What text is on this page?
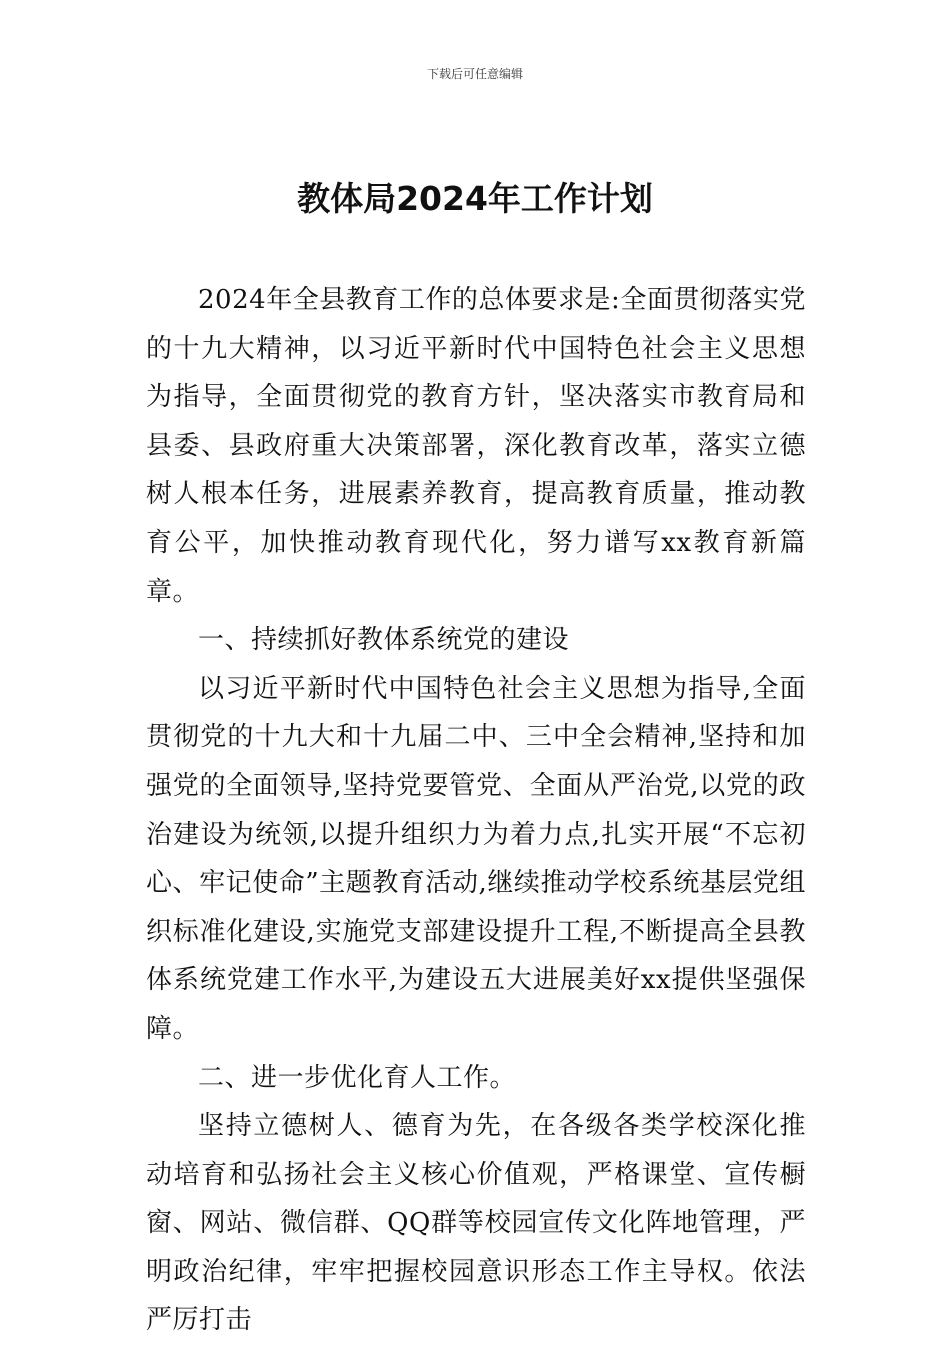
下载后可任意编辑
教体局2024年工作计划

2024年全县教育工作的总体要求是:全面贯彻落实党的十九大精神，以习近平新时代中国特色社会主义思想为指导，全面贯彻党的教育方针，坚决落实市教育局和县委、县政府重大决策部署，深化教育改革，落实立德树人根本任务，进展素养教育，提高教育质量，推动教育公平，加快推动教育现代化，努力谱写xx教育新篇章。

一、持续抓好教体系统党的建设

以习近平新时代中国特色社会主义思想为指导,全面贯彻党的十九大和十九届二中、三中全会精神,坚持和加强党的全面领导,坚持党要管党、全面从严治党,以党的政治建设为统领,以提升组织力为着力点,扎实开展“不忘初心、牢记使命”主题教育活动,继续推动学校系统基层党组织标准化建设,实施党支部建设提升工程,不断提高全县教体系统党建工作水平,为建设五大进展美好xx提供坚强保障。

二、进一步优化育人工作。

坚持立德树人、德育为先，在各级各类学校深化推动培育和弘扬社会主义核心价值观，严格课堂、宣传橱窗、网站、微信群、QQ群等校园宣传文化阵地管理，严明政治纪律，牢牢把握校园意识形态工作主导权。依法严厉打击
